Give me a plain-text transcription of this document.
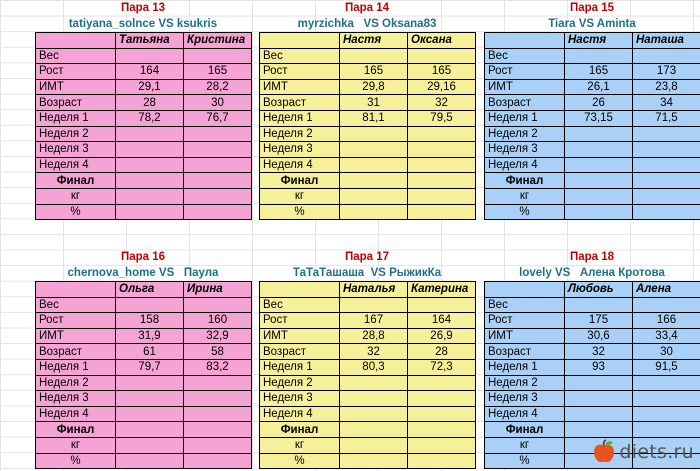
Пара 13
tatiyana_solnce VS ksukris
	Татьяна	Кристина
Вес		
Рост	164	165
ИМТ	29,1	28,2
Возраст	28	30
Неделя 1	78,2	76,7
Неделя 2		
Неделя 3		
Неделя 4		
Финал		
кг		
%		
Пара 14
myrzichka   VS Oksana83
	Настя	Оксана
Вес		
Рост	165	165
ИМТ	29,8	29,16
Возраст	31	32
Неделя 1	81,1	79,5
Неделя 2		
Неделя 3		
Неделя 4		
Финал		
кг		
%		
Пара 15
Tiara VS Aminta
	Настя	Наташа
Вес		
Рост	165	173
ИМТ	26,1	23,8
Возраст	26	34
Неделя 1	73,15	71,5
Неделя 2		
Неделя 3		
Неделя 4		
Финал		
кг		
%		
Пара 16
chernova_home VS   Паула
	Ольга	Ирина
Вес		
Рост	158	160
ИМТ	31,9	32,9
Возраст	61	58
Неделя 1	79,7	83,2
Неделя 2		
Неделя 3		
Неделя 4		
Финал		
кг		
%		
Пара 17
ТаТаТашаша  VS РыжикКа
	Наталья	Катерина
Вес		
Рост	167	164
ИМТ	28,8	26,9
Возраст	32	28
Неделя 1	80,3	72,3
Неделя 2		
Неделя 3		
Неделя 4		
Финал		
кг		
%		
Пара 18
lovely VS   Алена Кротова
	Любовь	Алена
Вес		
Рост	175	166
ИМТ	30,6	33,4
Возраст	32	30
Неделя 1	93	91,5
Неделя 2		
Неделя 3		
Неделя 4		
Финал		
кг		
%			diets.ru
